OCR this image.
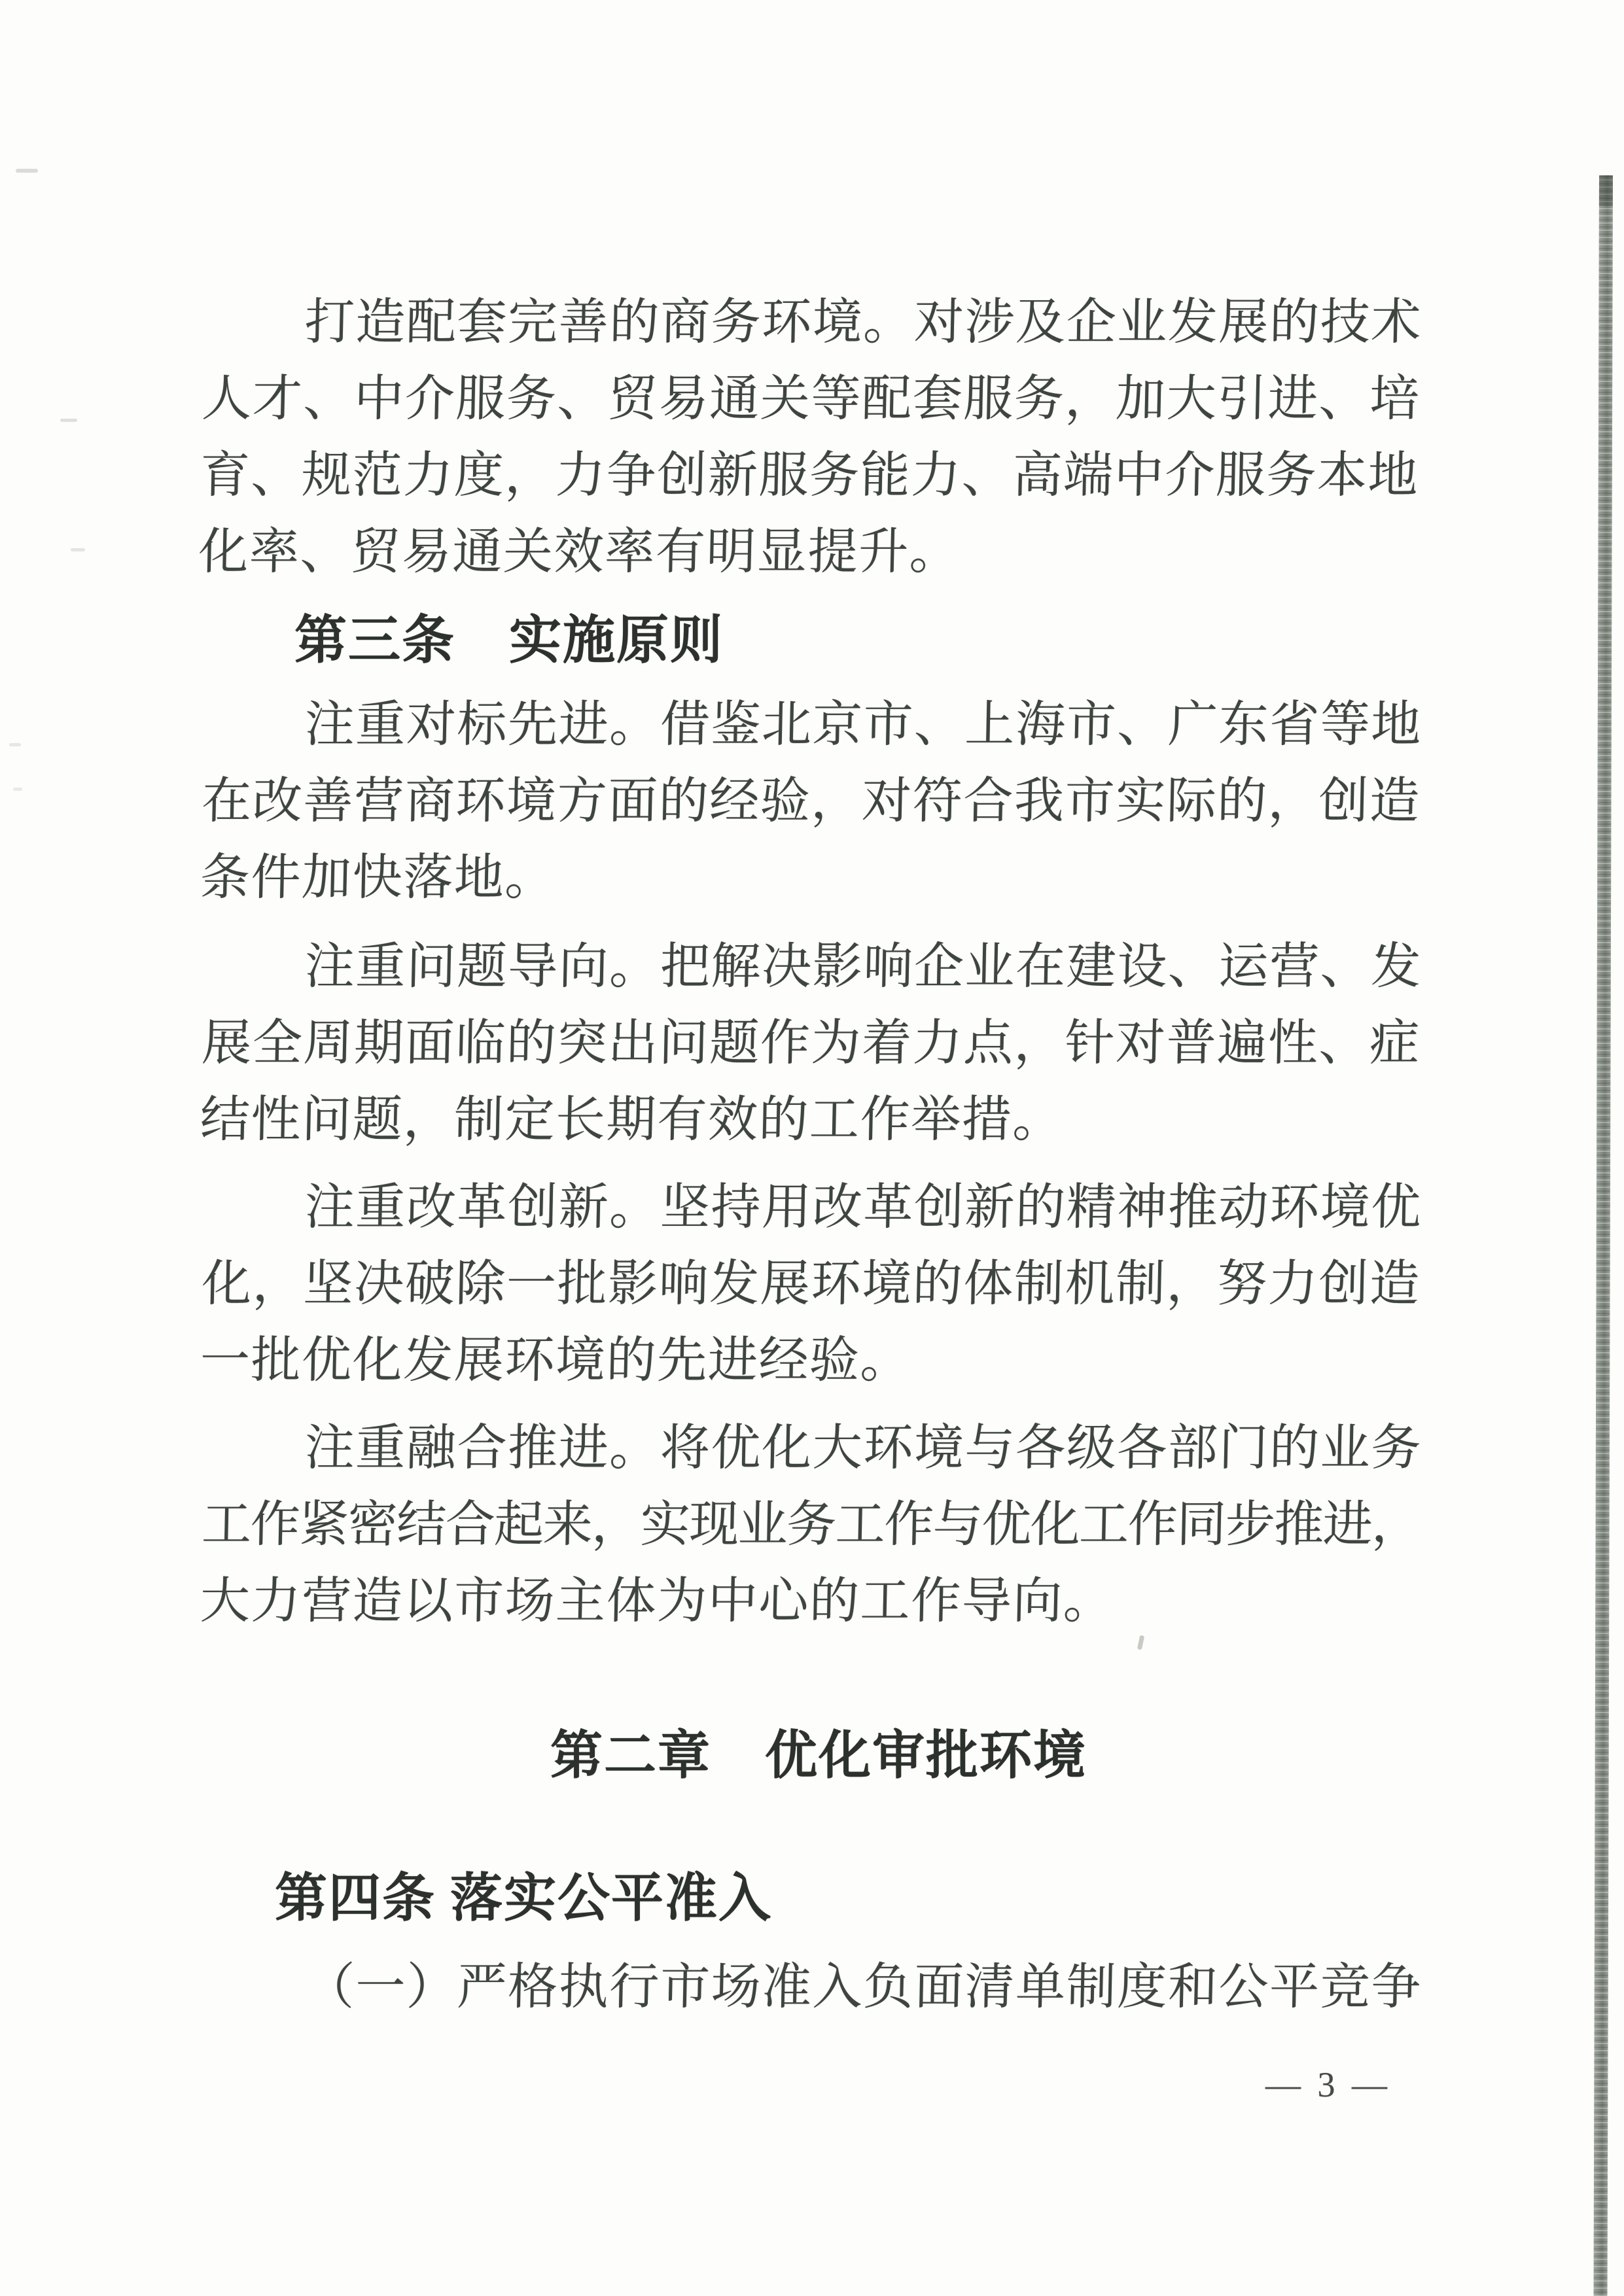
打造配套完善的商务环境。对涉及企业发展的技术
人才、中介服务、贸易通关等配套服务，加大引进、培
育、规范力度，力争创新服务能力、高端中介服务本地
化率、贸易通关效率有明显提升。
第三条　实施原则
注重对标先进。借鉴北京市、上海市、广东省等地
在改善营商环境方面的经验，对符合我市实际的，创造
条件加快落地。
注重问题导向。把解决影响企业在建设、运营、发
展全周期面临的突出问题作为着力点，针对普遍性、症
结性问题，制定长期有效的工作举措。
注重改革创新。坚持用改革创新的精神推动环境优
化，坚决破除一批影响发展环境的体制机制，努力创造
一批优化发展环境的先进经验。
注重融合推进。将优化大环境与各级各部门的业务
工作紧密结合起来，实现业务工作与优化工作同步推进，
大力营造以市场主体为中心的工作导向。
第二章　优化审批环境
第四条 落实公平准入
（一）严格执行市场准入负面清单制度和公平竞争
— 3 —
